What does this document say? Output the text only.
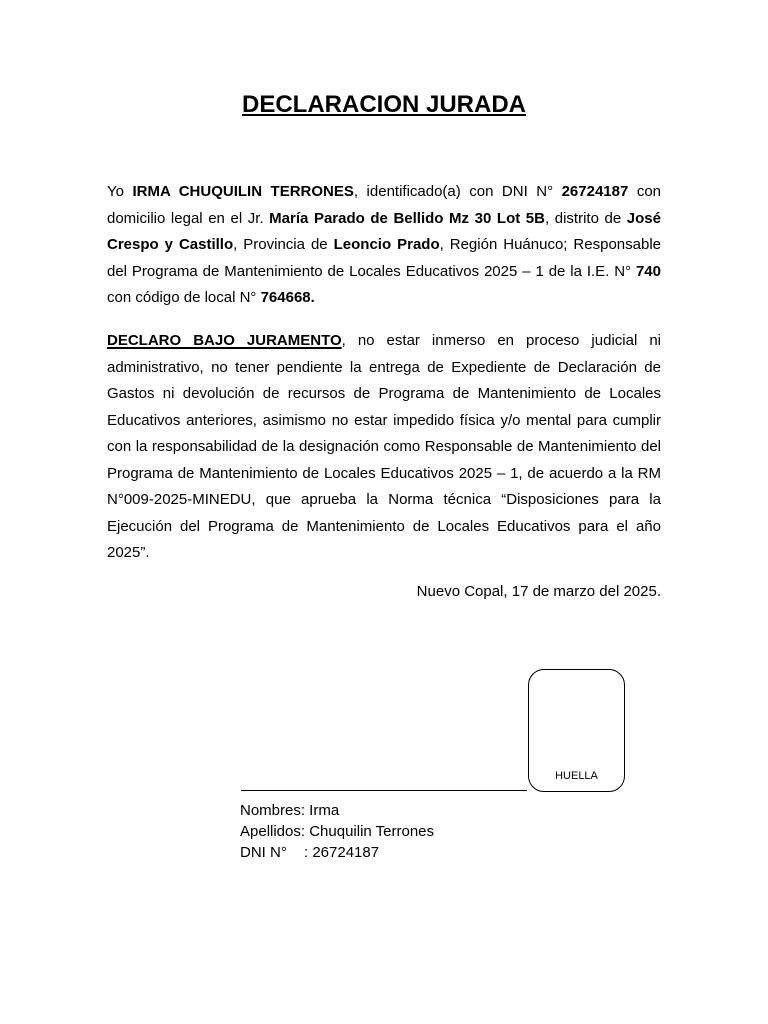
DECLARACION JURADA
Yo IRMA CHUQUILIN TERRONES, identificado(a) con DNI N° 26724187 con
domicilio legal en el Jr. María Parado de Bellido Mz 30 Lot 5B, distrito de José
Crespo y Castillo, Provincia de Leoncio Prado, Región Huánuco; Responsable
del Programa de Mantenimiento de Locales Educativos 2025 – 1 de la I.E. N° 740
con código de local N° 764668.
DECLARO BAJO JURAMENTO, no estar inmerso en proceso judicial ni
administrativo, no tener pendiente la entrega de Expediente de Declaración de
Gastos ni devolución de recursos de Programa de Mantenimiento de Locales
Educativos anteriores, asimismo no estar impedido física y/o mental para cumplir
con la responsabilidad de la designación como Responsable de Mantenimiento del
Programa de Mantenimiento de Locales Educativos 2025 – 1, de acuerdo a la RM
N°009-2025-MINEDU, que aprueba la Norma técnica “Disposiciones para la
Ejecución del Programa de Mantenimiento de Locales Educativos para el año
2025”.
Nuevo Copal, 17 de marzo del 2025.
HUELLA
Nombres: Irma
Apellidos: Chuquilin Terrones
DNI N° : 26724187
